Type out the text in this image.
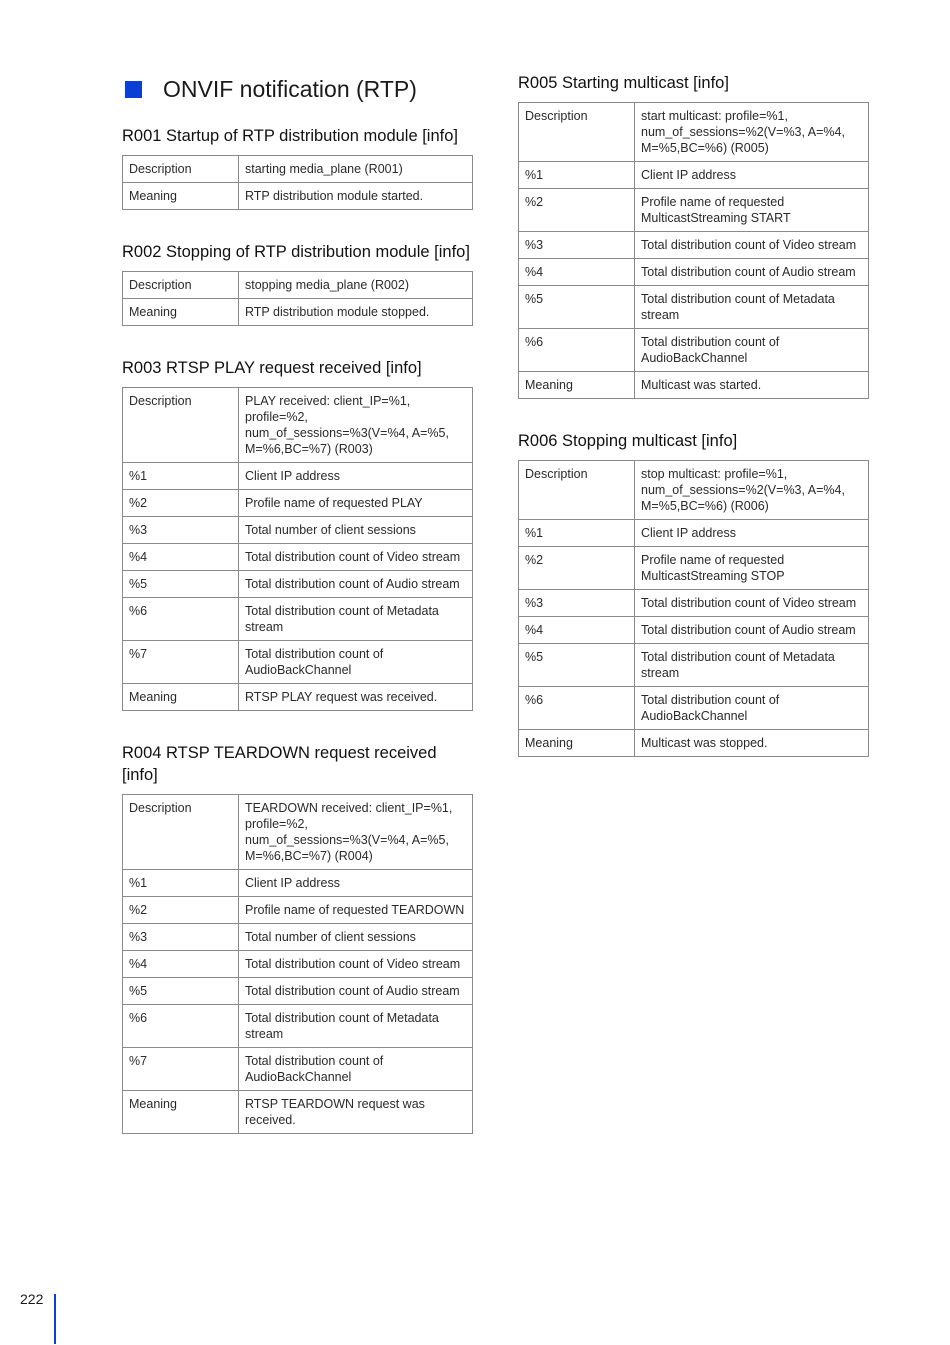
ONVIF notification (RTP)
R001 Startup of RTP distribution module [info]
Description	starting media_plane (R001)
Meaning	RTP distribution module started.
R002 Stopping of RTP distribution module [info]
Description	stopping media_plane (R002)
Meaning	RTP distribution module stopped.
R003 RTSP PLAY request received [info]
Description	PLAY received: client_IP=%1, profile=%2, num_of_sessions=%3(V=%4, A=%5, M=%6,BC=%7) (R003)
%1	Client IP address
%2	Profile name of requested PLAY
%3	Total number of client sessions
%4	Total distribution count of Video stream
%5	Total distribution count of Audio stream
%6	Total distribution count of Metadata stream
%7	Total distribution count of AudioBackChannel
Meaning	RTSP PLAY request was received.
R004 RTSP TEARDOWN request received [info]
Description	TEARDOWN received: client_IP=%1, profile=%2, num_of_sessions=%3(V=%4, A=%5, M=%6,BC=%7) (R004)
%1	Client IP address
%2	Profile name of requested TEARDOWN
%3	Total number of client sessions
%4	Total distribution count of Video stream
%5	Total distribution count of Audio stream
%6	Total distribution count of Metadata stream
%7	Total distribution count of AudioBackChannel
Meaning	RTSP TEARDOWN request was received.
R005 Starting multicast [info]
Description	start multicast: profile=%1, num_of_sessions=%2(V=%3, A=%4, M=%5,BC=%6) (R005)
%1	Client IP address
%2	Profile name of requested MulticastStreaming START
%3	Total distribution count of Video stream
%4	Total distribution count of Audio stream
%5	Total distribution count of Metadata stream
%6	Total distribution count of AudioBackChannel
Meaning	Multicast was started.
R006 Stopping multicast [info]
Description	stop multicast: profile=%1, num_of_sessions=%2(V=%3, A=%4, M=%5,BC=%6) (R006)
%1	Client IP address
%2	Profile name of requested MulticastStreaming STOP
%3	Total distribution count of Video stream
%4	Total distribution count of Audio stream
%5	Total distribution count of Metadata stream
%6	Total distribution count of AudioBackChannel
Meaning	Multicast was stopped.
222
